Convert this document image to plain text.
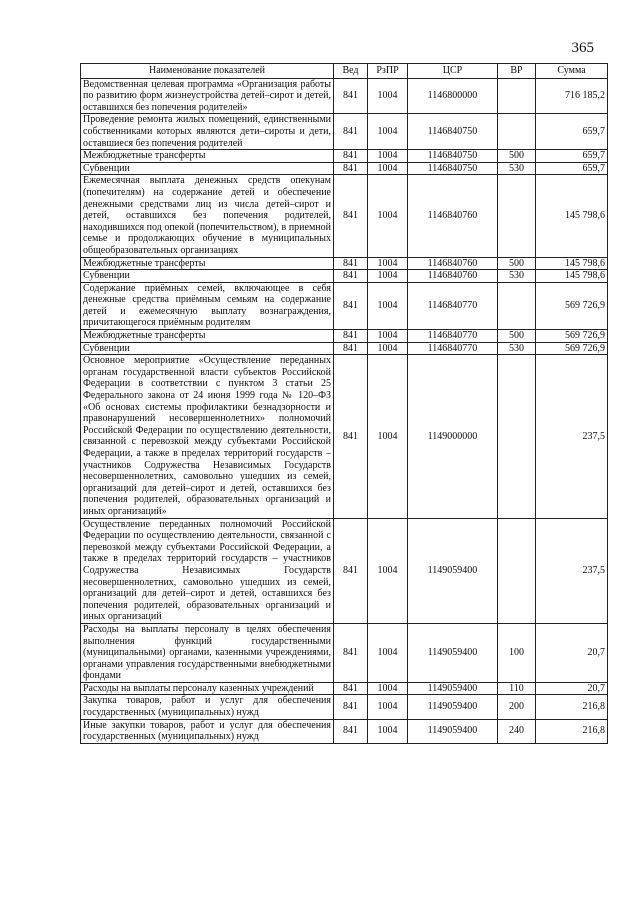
365
Наименование показателей	Вед	РзПР	ЦСР	ВР	Сумма
Ведомственная целевая программа «Организация работы по развитию форм жизнеустройства детей–сирот и детей, оставшихся без попечения родителей»	841	1004	1146800000		716 185,2
Проведение ремонта жилых помещений, единственными собственниками которых являются дети–сироты и дети, оставшиеся без попечения родителей	841	1004	1146840750		659,7
Межбюджетные трансферты	841	1004	1146840750	500	659,7
Субвенции	841	1004	1146840750	530	659,7
Ежемесячная выплата денежных средств опекунам (попечителям) на содержание детей и обеспечение денежными средствами лиц из числа детей–сирот и детей, оставшихся без попечения родителей, находившихся под опекой (попечительством), в приемной семье и продолжающих обучение в муниципальных общеобразовательных организациях	841	1004	1146840760		145 798,6
Межбюджетные трансферты	841	1004	1146840760	500	145 798,6
Субвенции	841	1004	1146840760	530	145 798,6
Содержание приёмных семей, включающее в себя денежные средства приёмным семьям на содержание детей и ежемесячную выплату вознаграждения, причитающегося приёмным родителям	841	1004	1146840770		569 726,9
Межбюджетные трансферты	841	1004	1146840770	500	569 726,9
Субвенции	841	1004	1146840770	530	569 726,9
Основное мероприятие «Осуществление переданных органам государственной власти субъектов Российской Федерации в соответствии с пунктом 3 статьи 25 Федерального закона от 24 июня 1999 года № 120–ФЗ «Об основах системы профилактики безнадзорности и правонарушений несовершеннолетних» полномочий Российской Федерации по осуществлению деятельности, связанной с перевозкой между субъектами Российской Федерации, а также в пределах территорий государств – участников Содружества Независимых Государств несовершеннолетних, самовольно ушедших из семей, организаций для детей–сирот и детей, оставшихся без попечения родителей, образовательных организаций и иных организаций»	841	1004	1149000000		237,5
Осуществление переданных полномочий Российской Федерации по осуществлению деятельности, связанной с перевозкой между субъектами Российской Федерации, а также в пределах территорий государств – участников Содружества Независимых Государств несовершеннолетних, самовольно ушедших из семей, организаций для детей–сирот и детей, оставшихся без попечения родителей, образовательных организаций и иных организаций	841	1004	1149059400		237,5
Расходы на выплаты персоналу в целях обеспечения выполнения функций государственными (муниципальными) органами, казенными учреждениями, органами управления государственными внебюджетными фондами	841	1004	1149059400	100	20,7
Расходы на выплаты персоналу казенных учреждений	841	1004	1149059400	110	20,7
Закупка товаров, работ и услуг для обеспечения государственных (муниципальных) нужд	841	1004	1149059400	200	216,8
Иные закупки товаров, работ и услуг для обеспечения государственных (муниципальных) нужд	841	1004	1149059400	240	216,8
